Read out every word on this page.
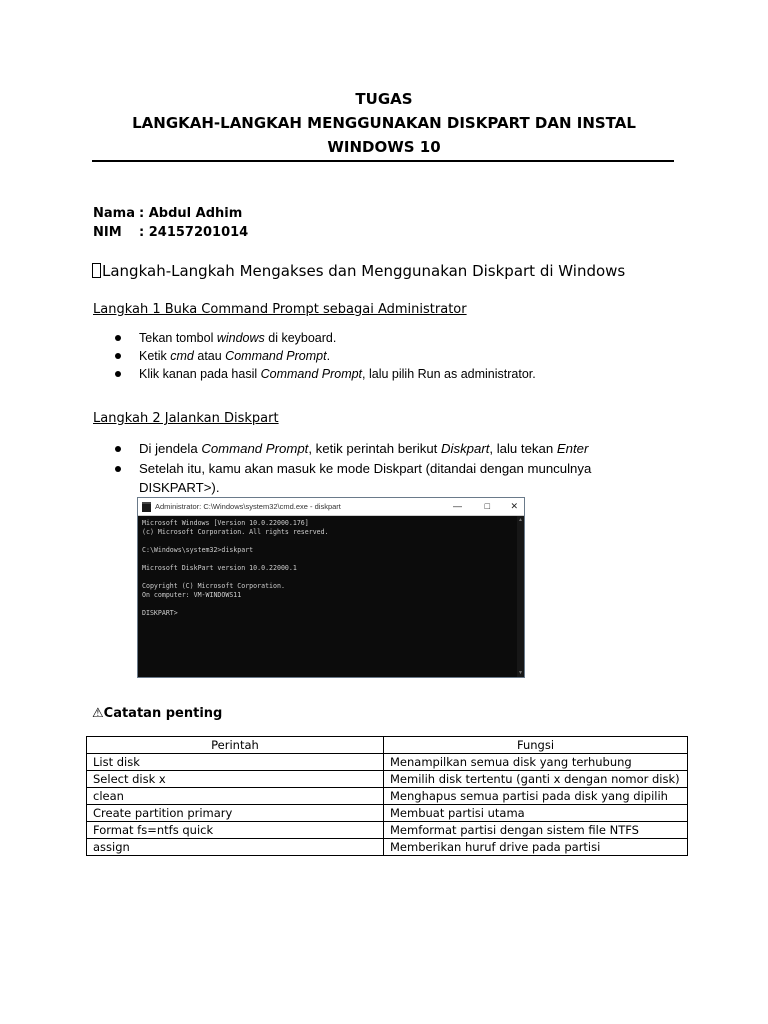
TUGAS
LANGKAH-LANGKAH MENGGUNAKAN DISKPART DAN INSTAL
WINDOWS 10
Nama : Abdul Adhim
NIM : 24157201014
Langkah-Langkah Mengakses dan Menggunakan Diskpart di Windows
Langkah 1 Buka Command Prompt sebagai Administrator
Tekan tombol windows di keyboard.
Ketik cmd atau Command Prompt.
Klik kanan pada hasil Command Prompt, lalu pilih Run as administrator.
Langkah 2 Jalankan Diskpart
Di jendela Command Prompt, ketik perintah berikut Diskpart, lalu tekan Enter
Setelah itu, kamu akan masuk ke mode Diskpart (ditandai dengan munculnya DISKPART>).
Administrator: C:\Windows\system32\cmd.exe - diskpart	—	□ ✕
Microsoft Windows [Version 10.0.22000.176]
(c) Microsoft Corporation. All rights reserved.

C:\Windows\system32>diskpart

Microsoft DiskPart version 10.0.22000.1

Copyright (C) Microsoft Corporation.
On computer: VM-WINDOWS11

DISKPART>
▲
▼
⚠Catatan penting
Perintah	Fungsi
List disk	Menampilkan semua disk yang terhubung
Select disk x	Memilih disk tertentu (ganti x dengan nomor disk)
clean	Menghapus semua partisi pada disk yang dipilih
Create partition primary	Membuat partisi utama
Format fs=ntfs quick	Memformat partisi dengan sistem file NTFS
assign	Memberikan huruf drive pada partisi
